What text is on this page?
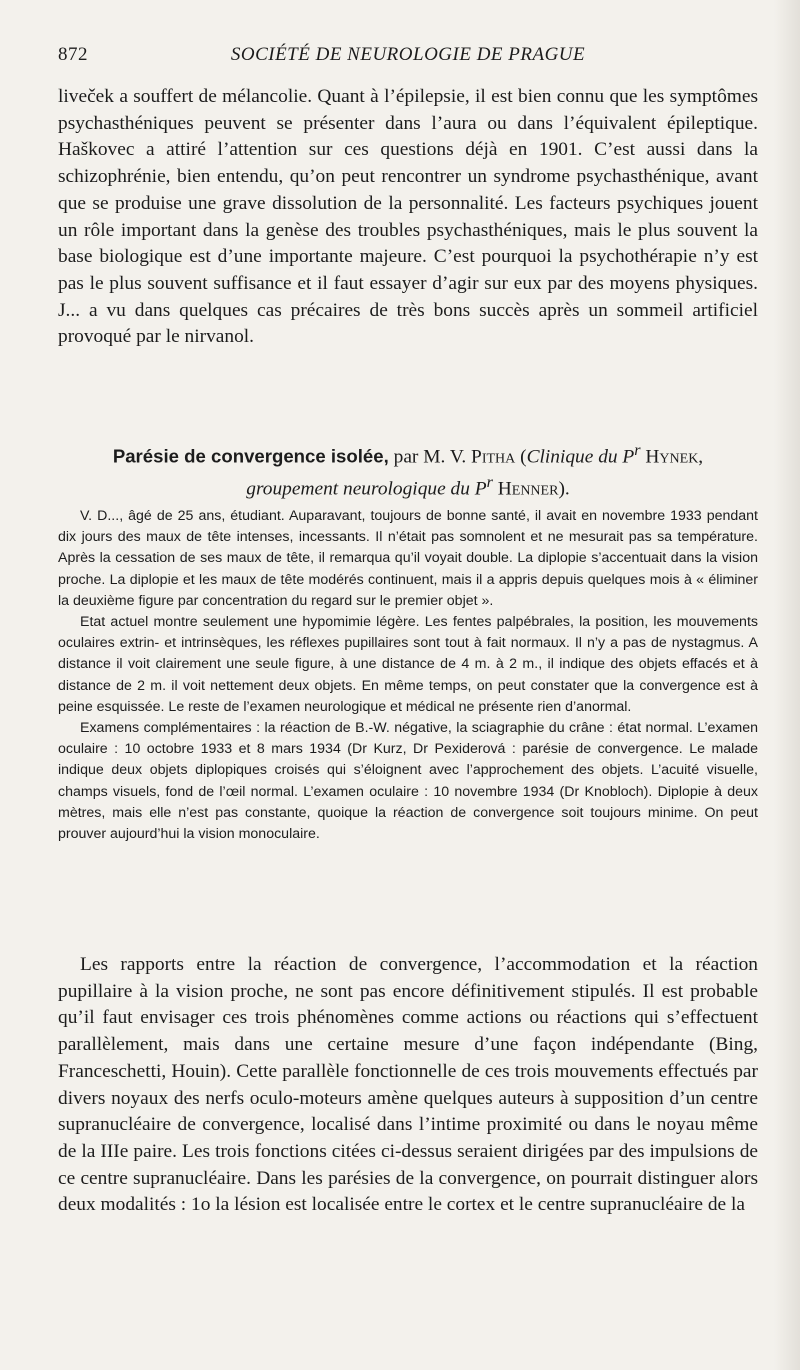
872	SOCIÉTÉ DE NEUROLOGIE DE PRAGUE

liveček a souffert de mélancolie. Quant à l’épilepsie, il est bien connu que les symptômes psychasthéniques peuvent se présenter dans l’aura ou dans l’équivalent épileptique. Haškovec a attiré l’attention sur ces questions déjà en 1901. C’est aussi dans la schizophrénie, bien entendu, qu’on peut rencontrer un syndrome psychasthénique, avant que se produise une grave dissolution de la personnalité. Les facteurs psychiques jouent un rôle important dans la genèse des troubles psychasthéniques, mais le plus souvent la base biologique est d’une importante majeure. C’est pourquoi la psychothérapie n’y est pas le plus souvent suffisance et il faut essayer d’agir sur eux par des moyens physiques. J... a vu dans quelques cas précaires de très bons succès après un sommeil artificiel provoqué par le nirvanol.

Parésie de convergence isolée, par M. V. Pitha (Clinique du $P^r$ Hynek,
groupement neurologique du $P^r$ Henner).

V. D..., âgé de 25 ans, étudiant. Auparavant, toujours de bonne santé, il avait en novembre 1933 pendant dix jours des maux de tête intenses, incessants. Il n’était pas somnolent et ne mesurait pas sa température. Après la cessation de ses maux de tête, il remarqua qu’il voyait double. La diplopie s’accentuait dans la vision proche. La diplopie et les maux de tête modérés continuent, mais il a appris depuis quelques mois à « éliminer la deuxième figure par concentration du regard sur le premier objet ».

Etat actuel montre seulement une hypomimie légère. Les fentes palpébrales, la position, les mouvements oculaires extrin- et intrinsèques, les réflexes pupillaires sont tout à fait normaux. Il n’y a pas de nystagmus. A distance il voit clairement une seule figure, à une distance de 4 m. à 2 m., il indique des objets effacés et à distance de 2 m. il voit nettement deux objets. En même temps, on peut constater que la convergence est à peine esquissée. Le reste de l’examen neurologique et médical ne présente rien d’anormal.

Examens complémentaires : la réaction de B.-W. négative, la sciagraphie du crâne : état normal. L’examen oculaire : 10 octobre 1933 et 8 mars 1934 (Dr Kurz, Dr Pexiderová : parésie de convergence. Le malade indique deux objets diplopiques croisés qui s’éloignent avec l’approchement des objets. L’acuité visuelle, champs visuels, fond de l’œil normal. L’examen oculaire : 10 novembre 1934 (Dr Knobloch). Diplopie à deux mètres, mais elle n’est pas constante, quoique la réaction de convergence soit toujours minime. On peut prouver aujourd’hui la vision monoculaire.

Les rapports entre la réaction de convergence, l’accommodation et la réaction pupillaire à la vision proche, ne sont pas encore définitivement stipulés. Il est probable qu’il faut envisager ces trois phénomènes comme actions ou réactions qui s’effectuent parallèlement, mais dans une certaine mesure d’une façon indépendante (Bing, Franceschetti, Houin). Cette parallèle fonctionnelle de ces trois mouvements effectués par divers noyaux des nerfs oculo-moteurs amène quelques auteurs à supposition d’un centre supranucléaire de convergence, localisé dans l’intime proximité ou dans le noyau même de la IIIe paire. Les trois fonctions citées ci-dessus seraient dirigées par des impulsions de ce centre supranucléaire. Dans les parésies de la convergence, on pourrait distinguer alors deux modalités : 1o la lésion est localisée entre le cortex et le centre supranucléaire de la
